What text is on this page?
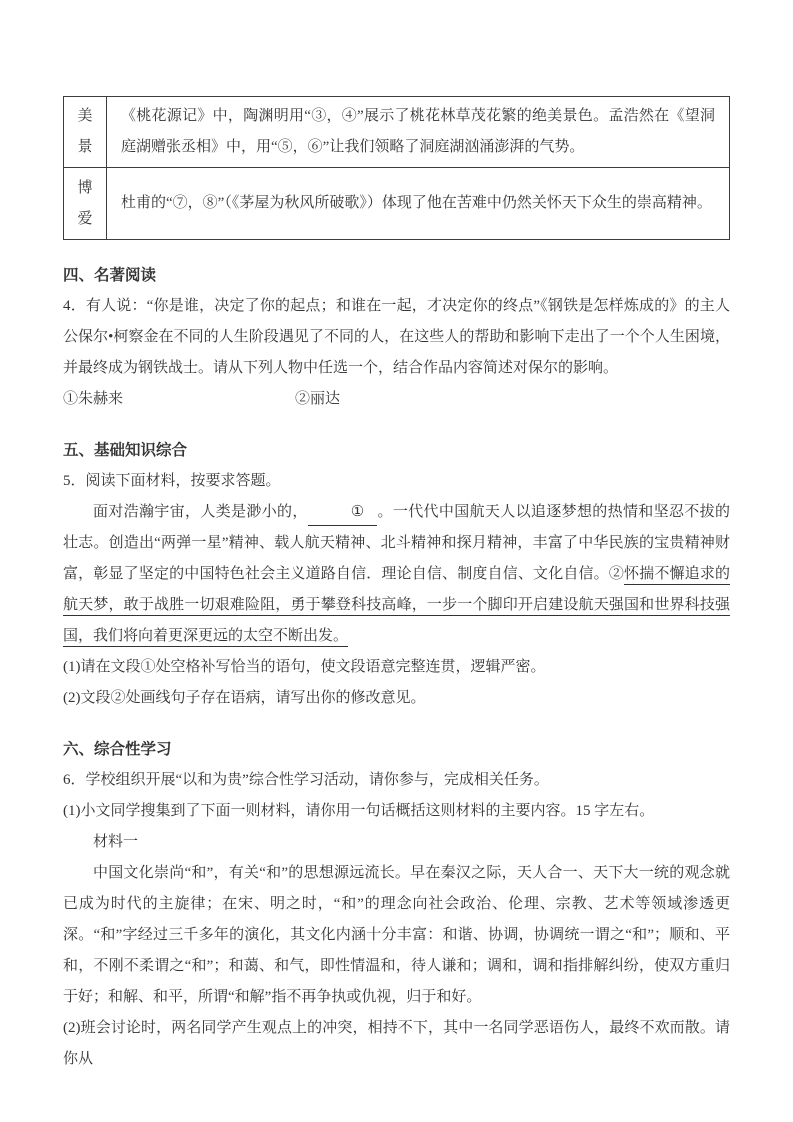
美景	《桃花源记》中，陶渊明用“③，④”展示了桃花林草茂花繁的绝美景色。孟浩然在《望洞庭湖赠张丞相》中，用“⑤，⑥”让我们领略了洞庭湖汹涌澎湃的气势。
博爱	杜甫的“⑦，⑧”（《茅屋为秋风所破歌》）体现了他在苦难中仍然关怀天下众生的崇高精神。
四、名著阅读
4．有人说：“你是谁，决定了你的起点；和谁在一起，才决定你的终点”《钢铁是怎样炼成的》的主人公保尔•柯察金在不同的人生阶段遇见了不同的人，在这些人的帮助和影响下走出了一个个人生困境，并最终成为钢铁战士。请从下列人物中任选一个，结合作品内容简述对保尔的影响。
①朱赫来	②丽达
五、基础知识综合
5．阅读下面材料，按要求答题。
面对浩瀚宇宙，人类是渺小的，	① 。一代代中国航天人以追逐梦想的热情和坚忍不拔的壮志。创造出“两弹一星”精神、载人航天精神、北斗精神和探月精神，丰富了中华民族的宝贵精神财富，彰显了坚定的中国特色社会主义道路自信．理论自信、制度自信、文化自信。②怀揣不懈追求的航天梦，敢于战胜一切艰难险阻，勇于攀登科技高峰，一步一个脚印开启建设航天强国和世界科技强国，我们将向着更深更远的太空不断出发。
(1)请在文段①处空格补写恰当的语句，使文段语意完整连贯，逻辑严密。
(2)文段②处画线句子存在语病，请写出你的修改意见。
六、综合性学习
6．学校组织开展“以和为贵”综合性学习活动，请你参与，完成相关任务。
(1)小文同学搜集到了下面一则材料，请你用一句话概括这则材料的主要内容。15 字左右。
材料一
中国文化崇尚“和”，有关“和”的思想源远流长。早在秦汉之际，天人合一、天下大一统的观念就已成为时代的主旋律；在宋、明之时，“和”的理念向社会政治、伦理、宗教、艺术等领域渗透更深。“和”字经过三千多年的演化，其文化内涵十分丰富：和谐、协调，协调统一谓之“和”；顺和、平和，不刚不柔谓之“和”；和蔼、和气，即性情温和，待人谦和；调和，调和指排解纠纷，使双方重归于好；和解、和平，所谓“和解”指不再争执或仇视，归于和好。
(2)班会讨论时，两名同学产生观点上的冲突，相持不下，其中一名同学恶语伤人，最终不欢而散。请你从
